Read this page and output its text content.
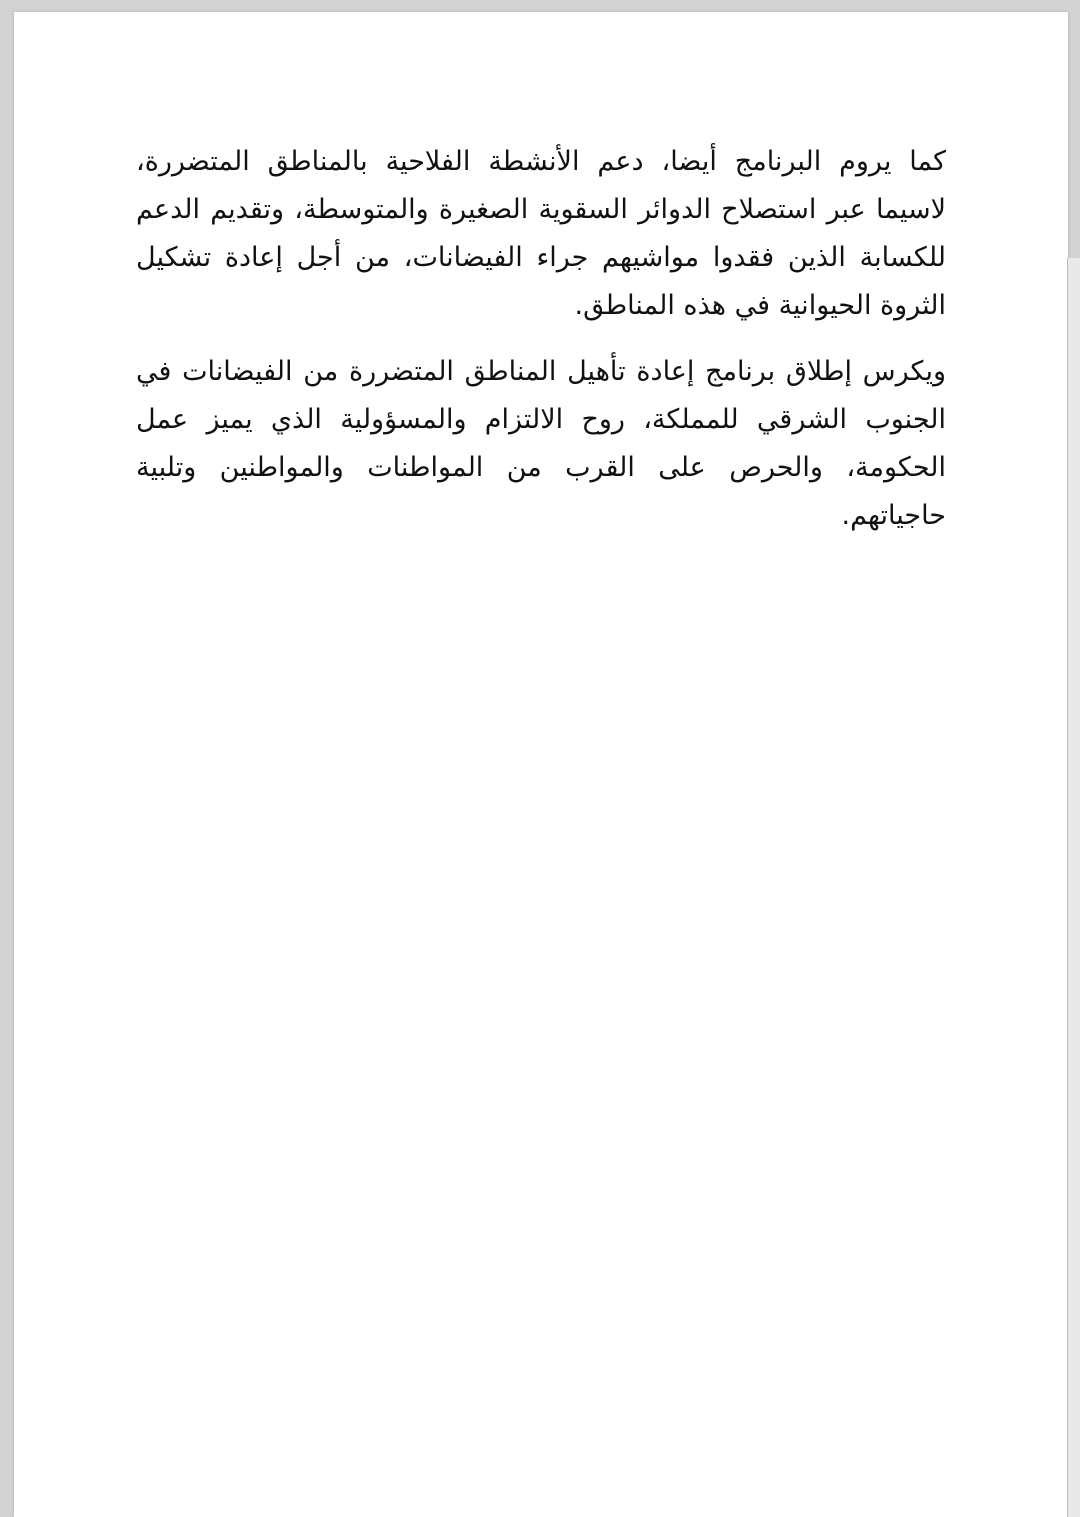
كما يروم البرنامج أيضا، دعم الأنشطة الفلاحية بالمناطق المتضررة، لاسيما عبر استصلاح الدوائر السقوية الصغيرة والمتوسطة، وتقديم الدعم للكسابة الذين فقدوا مواشيهم جراء الفيضانات، من أجل إعادة تشكيل الثروة الحيوانية في هذه المناطق.

ويكرس إطلاق برنامج إعادة تأهيل المناطق المتضررة من الفيضانات في الجنوب الشرقي للمملكة، روح الالتزام والمسؤولية الذي يميز عمل الحكومة، والحرص على القرب من المواطنات والمواطنين وتلبية حاجياتهم.
